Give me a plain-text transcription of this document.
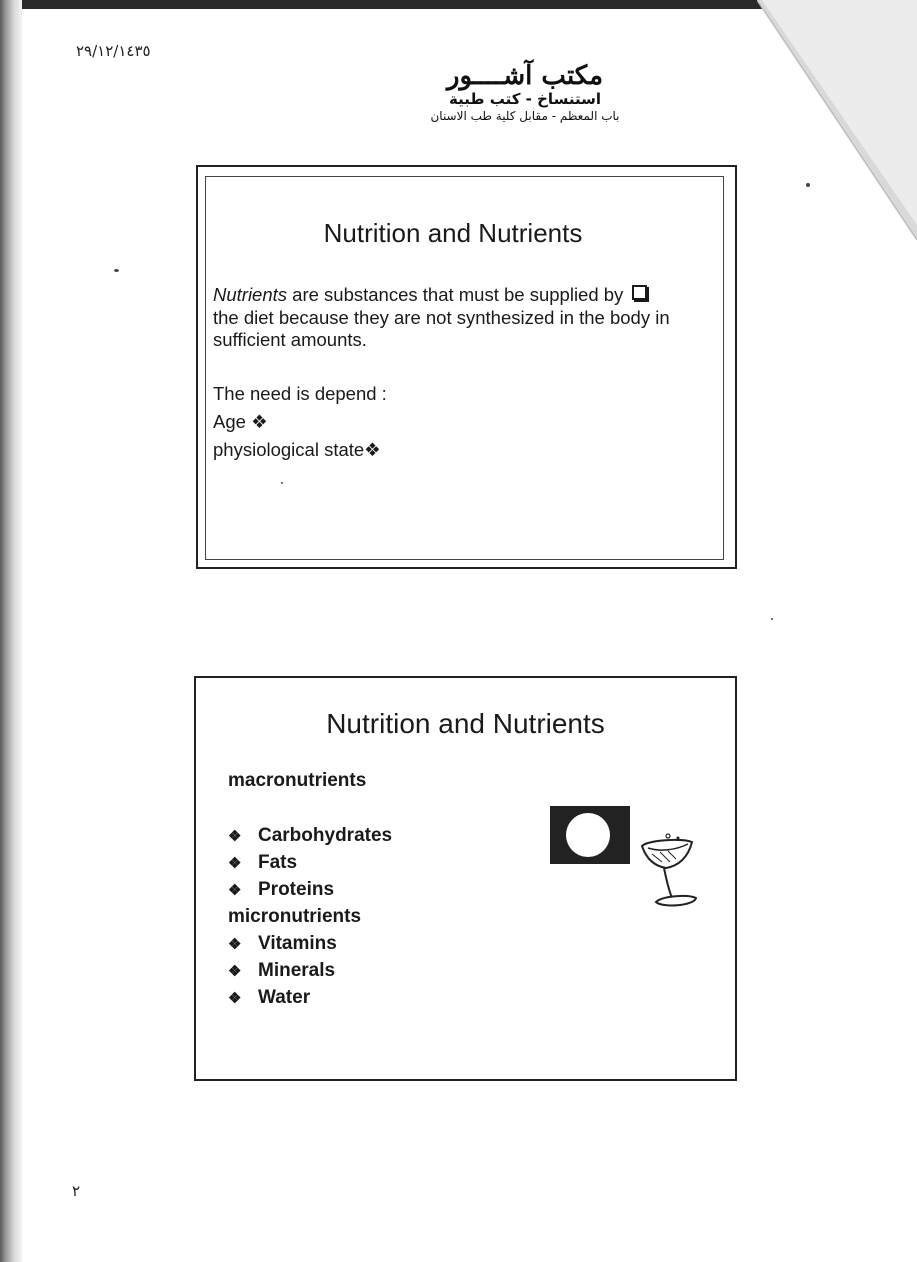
٢٩/١٢/١٤٣٥
مكتب آشــــور
استنساخ - كتب طبية
باب المعظم - مقابل كلية طب الاسنان
Nutrition and Nutrients
Nutrients are substances that must be supplied by
the diet because they are not synthesized in the body in
sufficient amounts.
The need is depend :
Age ❖
physiological state❖
Nutrition and Nutrients
macronutrients
❖ Carbohydrates
❖ Fats
❖ Proteins
micronutrients
❖ Vitamins
❖ Minerals
❖ Water
٢
